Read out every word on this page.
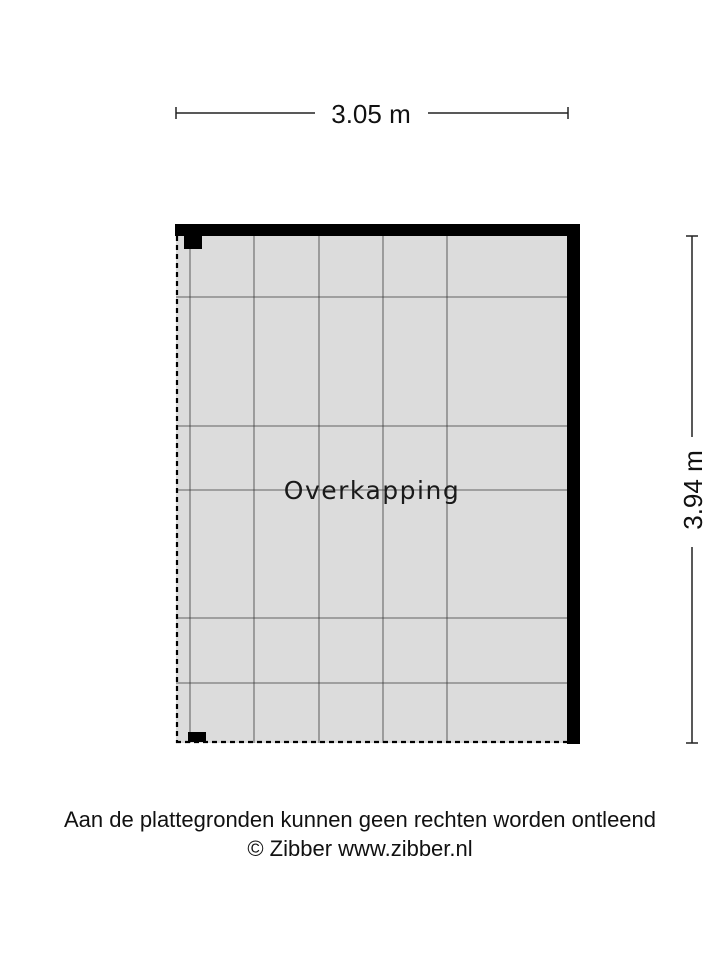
3.05 m
3.94 m
Overkapping
Aan de plattegronden kunnen geen rechten worden ontleend
© Zibber www.zibber.nl
